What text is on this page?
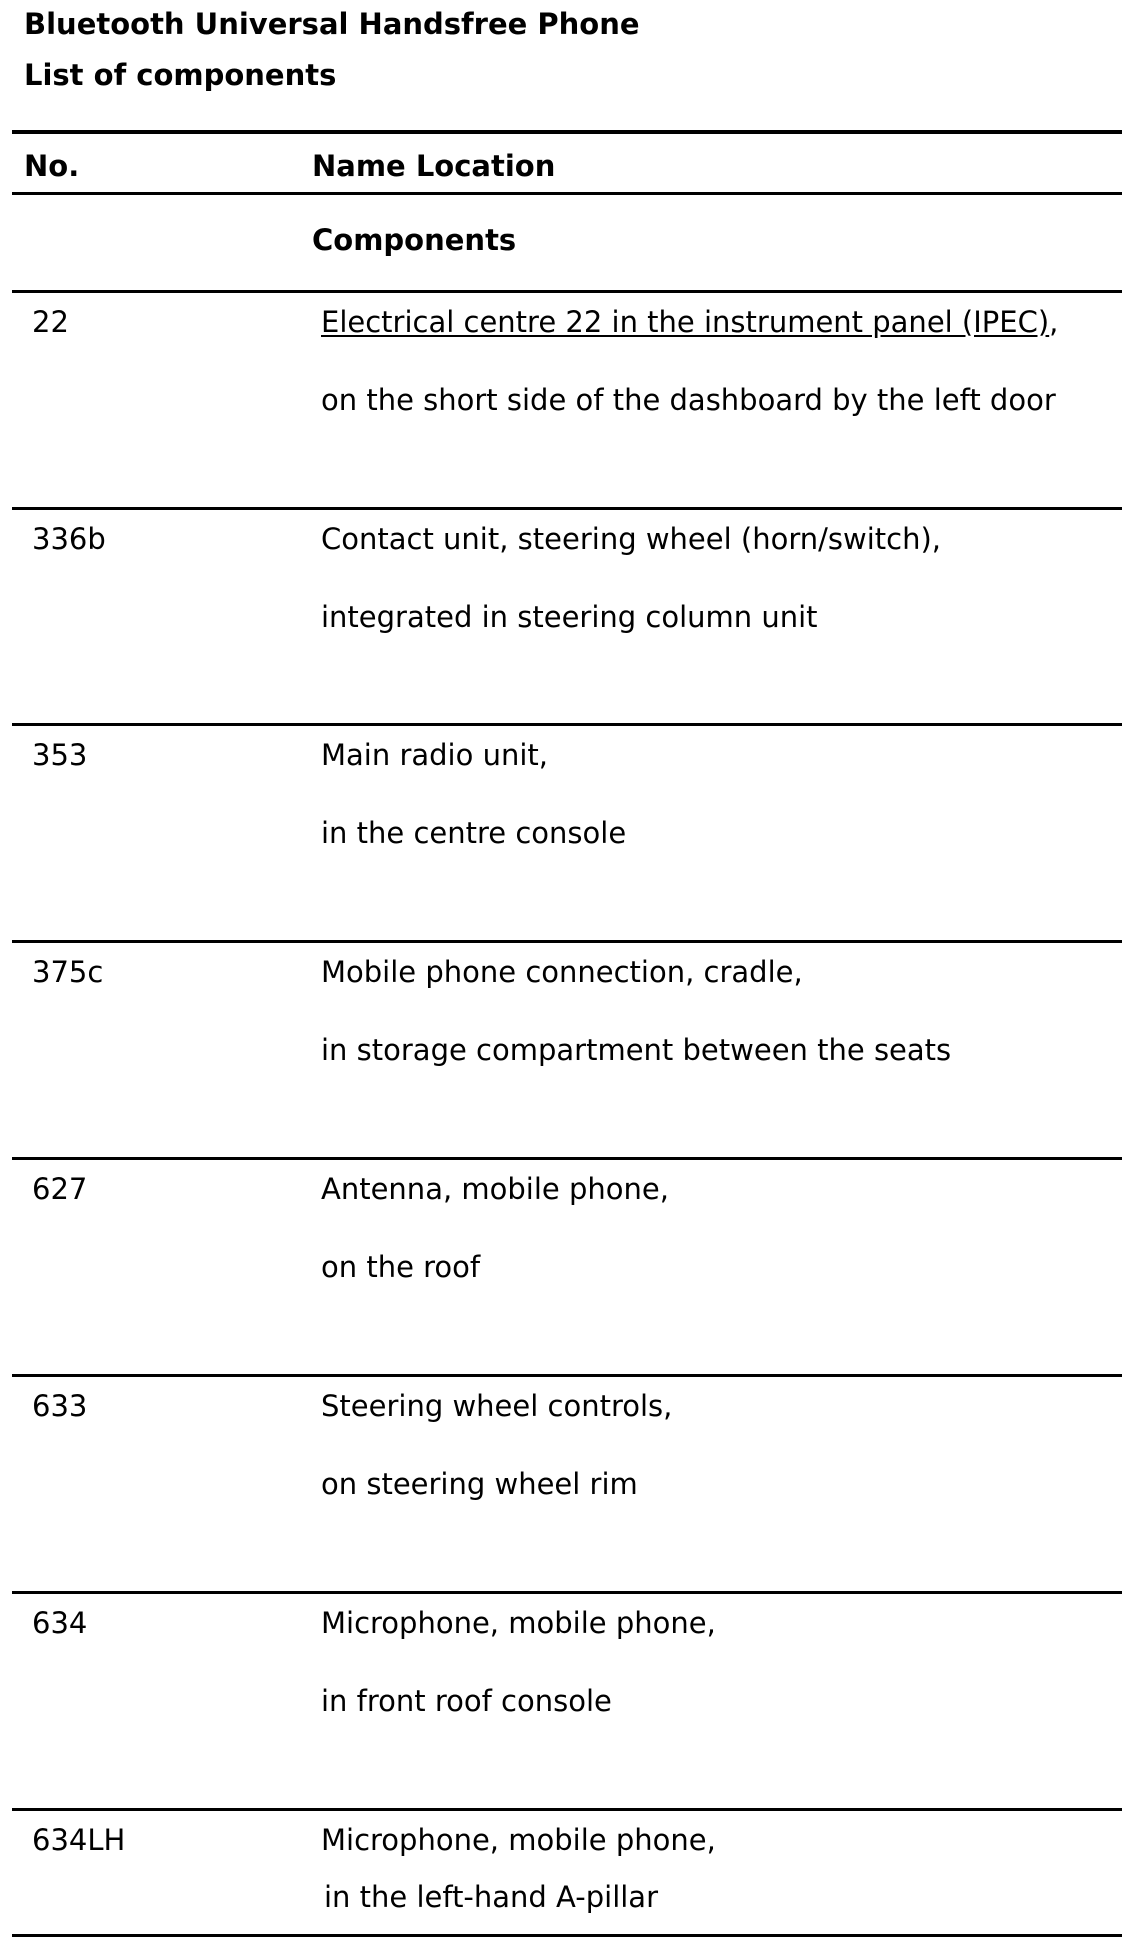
Bluetooth Universal Handsfree Phone
List of components
No.	Name Location
Components
22	Electrical centre 22 in the instrument panel (IPEC),
on the short side of the dashboard by the left door
336b	Contact unit, steering wheel (horn/switch),
integrated in steering column unit
353	Main radio unit,
in the centre console
375c	Mobile phone connection, cradle,
in storage compartment between the seats
627	Antenna, mobile phone,
on the roof
633	Steering wheel controls,
on steering wheel rim
634	Microphone, mobile phone,
in front roof console
634LH	Microphone, mobile phone,
in the left-hand A-pillar
